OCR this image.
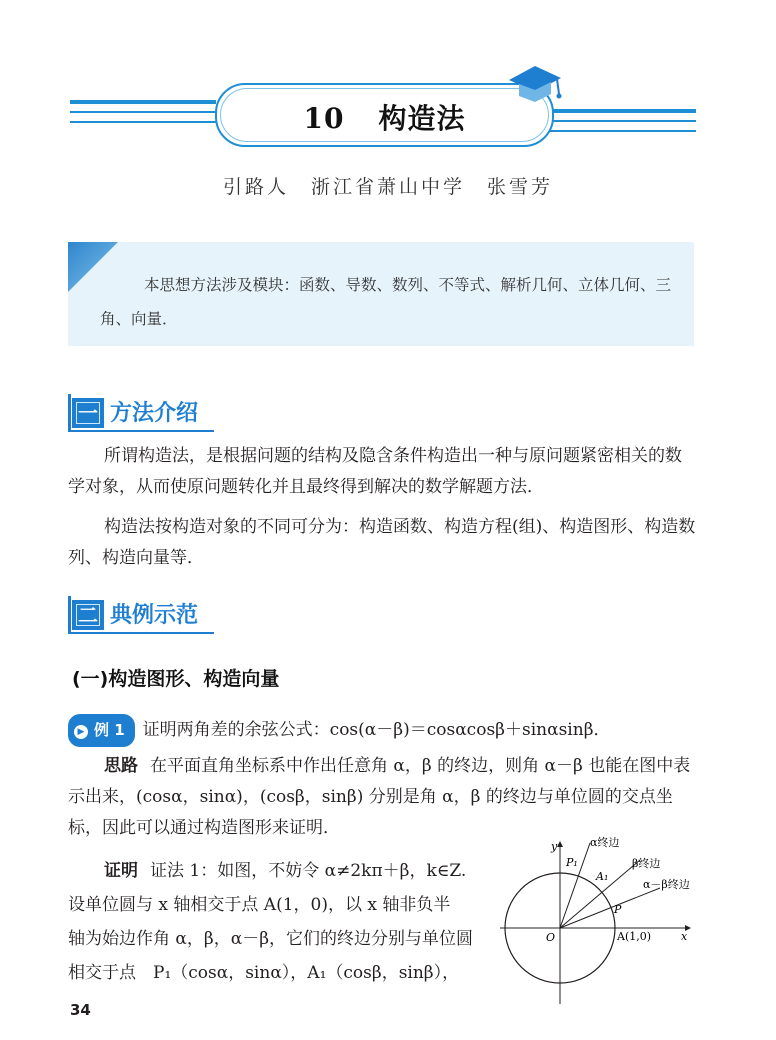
10 构造法
引路人　浙江省萧山中学　张雪芳
本思想方法涉及模块：函数、导数、数列、不等式、解析几何、立体几何、三角、向量．
一 方法介绍
所谓构造法，是根据问题的结构及隐含条件构造出一种与原问题紧密相关的数学对象，从而使原问题转化并且最终得到解决的数学解题方法．
构造法按构造对象的不同可分为：构造函数、构造方程(组)、构造图形、构造数列、构造向量等．
二 典例示范
(一)构造图形、构造向量
▶ 例 1 证明两角差的余弦公式：cos(α－β)＝cosαcosβ＋sinαsinβ．
思路 在平面直角坐标系中作出任意角 α，β 的终边，则角 α－β 也能在图中表示出来，(cosα，sinα)，(cosβ，sinβ) 分别是角 α，β 的终边与单位圆的交点坐标，因此可以通过构造图形来证明．
证明 证法 1：如图，不妨令 α≠2kπ＋β，k∈Z.
设单位圆与 x 轴相交于点 A(1，0)，以 x 轴非负半
轴为始边作角 α，β，α－β，它们的终边分别与单位圆
相交于点　P₁（cosα，sinα），A₁（cosβ，sinβ），
y
x
O	A(1,0)
P
P₁
A₁
α终边
β终边
α－β终边
34
